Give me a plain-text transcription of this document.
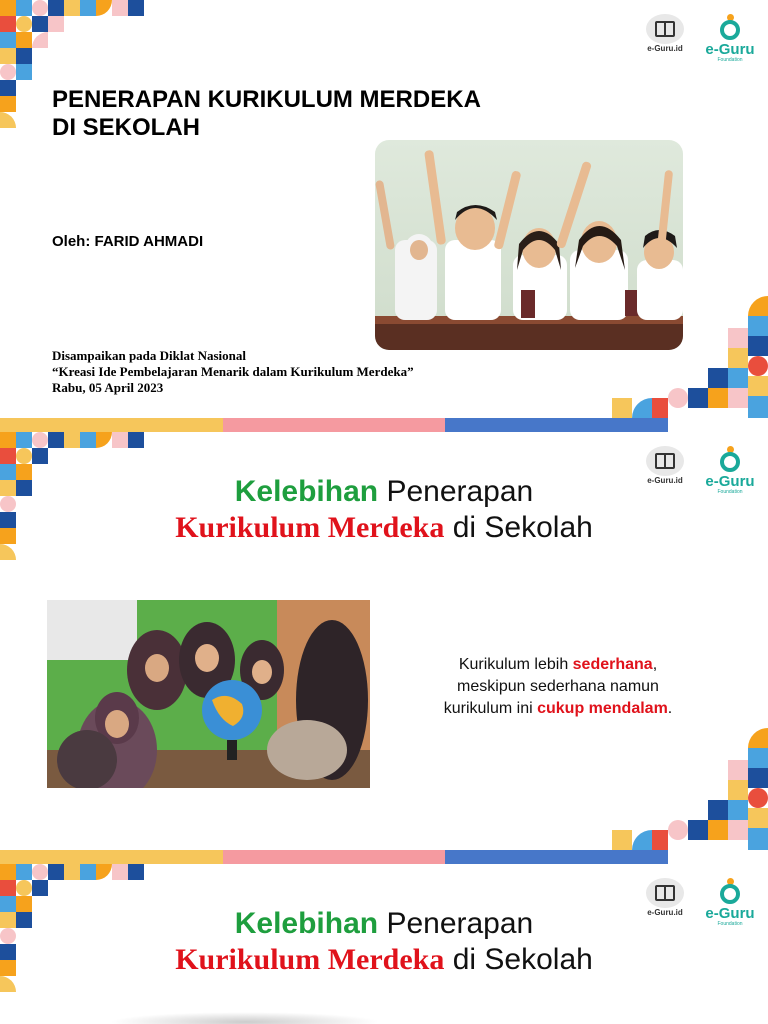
e-Guru.id	e-Guru
Foundation
PENERAPAN KURIKULUM MERDEKA
DI SEKOLAH
Oleh: FARID AHMADI
Disampaikan pada Diklat Nasional
“Kreasi Ide Pembelajaran Menarik dalam Kurikulum Merdeka”
Rabu, 05 April 2023
e-Guru.id	e-Guru
Foundation
Kelebihan Penerapan
Kurikulum Merdeka di Sekolah
Kurikulum lebih sederhana,
meskipun sederhana namun
kurikulum ini cukup mendalam.
e-Guru.id	e-Guru
Foundation
Kelebihan Penerapan
Kurikulum Merdeka di Sekolah
